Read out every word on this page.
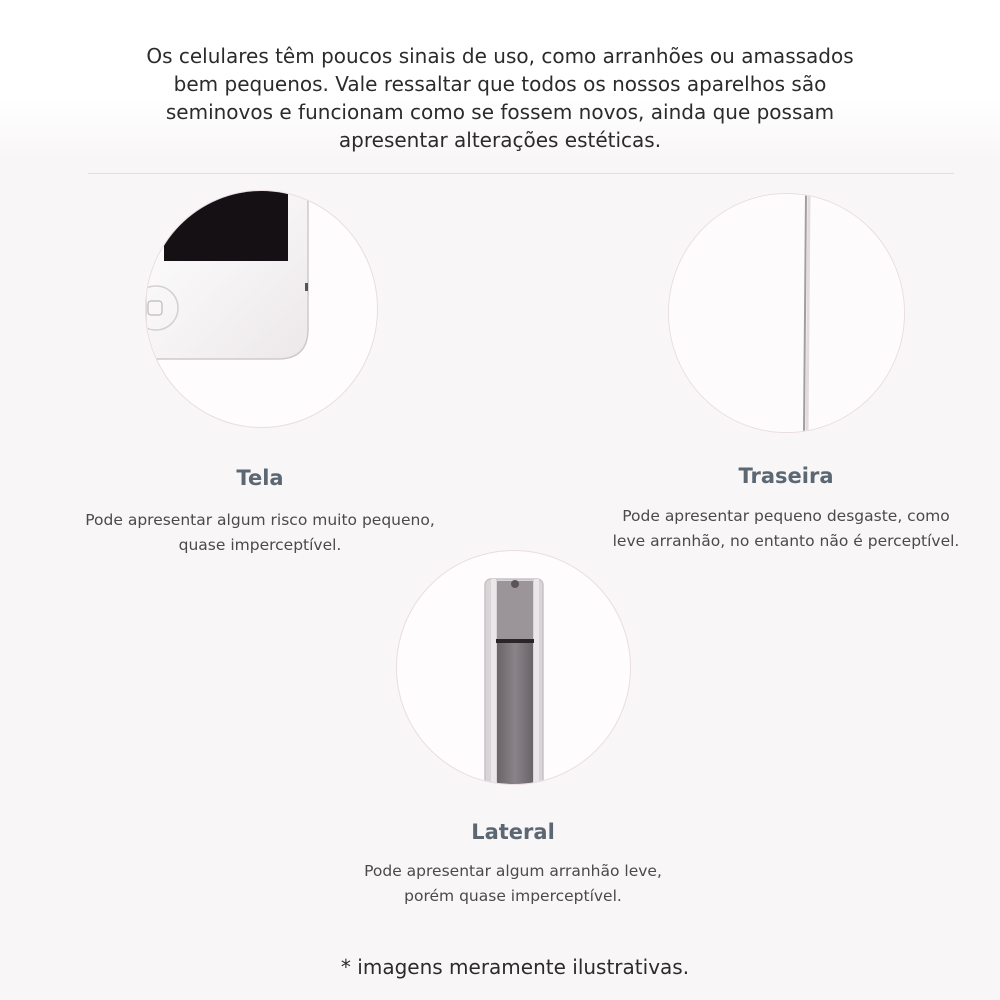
Os celulares têm poucos sinais de uso, como arranhões ou amassados
bem pequenos. Vale ressaltar que todos os nossos aparelhos são
seminovos e funcionam como se fossem novos, ainda que possam
apresentar alterações estéticas.
Tela
Pode apresentar algum risco muito pequeno,
quase imperceptível.
Traseira
Pode apresentar pequeno desgaste, como
leve arranhão, no entanto não é perceptível.
Lateral
Pode apresentar algum arranhão leve,
porém quase imperceptível.
* imagens meramente ilustrativas.
